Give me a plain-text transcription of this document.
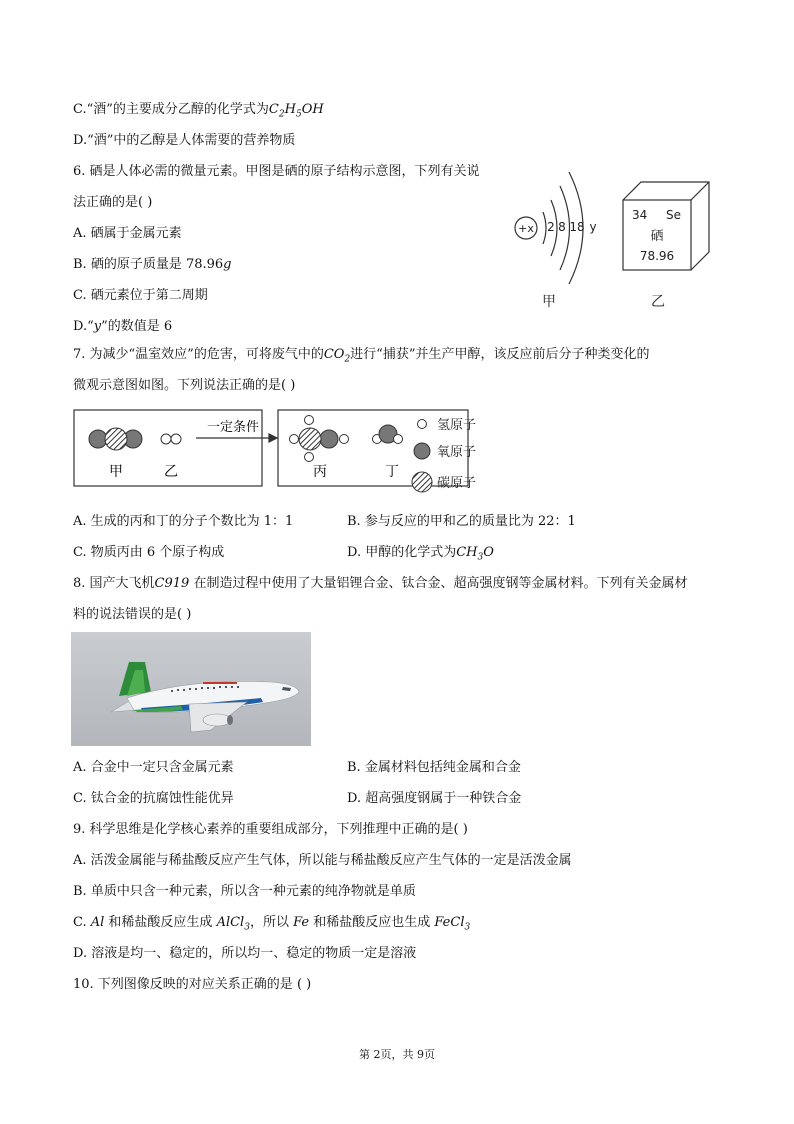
C.“酒”的主要成分乙醇的化学式为$C_2H_5OH$
D.“酒”中的乙醇是人体需要的营养物质
6. 硒是人体必需的微量元素。甲图是硒的原子结构示意图，下列有关说
法正确的是( )
A. 硒属于金属元素
B. 硒的原子质量是 78.96g
C. 硒元素位于第二周期
D.“y”的数值是 6
+x 2 8 18 y
甲
34 Se
硒
78.96
乙
7. 为减少“温室效应”的危害，可将废气中的$CO_2$进行“捕获”并生产甲醇，该反应前后分子种类变化的
微观示意图如图。下列说法正确的是( )
甲	乙
一定条件
丙	丁
氢原子
氧原子
碳原子
A. 生成的丙和丁的分子个数比为 1：1	B. 参与反应的甲和乙的质量比为 22：1
C. 物质丙由 6 个原子构成	D. 甲醇的化学式为$CH_3O$
8. 国产大飞机C919 在制造过程中使用了大量铝锂合金、钛合金、超高强度钢等金属材料。下列有关金属材
料的说法错误的是( )
A. 合金中一定只含金属元素	B. 金属材料包括纯金属和合金
C. 钛合金的抗腐蚀性能优异	D. 超高强度钢属于一种铁合金
9. 科学思维是化学核心素养的重要组成部分，下列推理中正确的是( )
A. 活泼金属能与稀盐酸反应产生气体，所以能与稀盐酸反应产生气体的一定是活泼金属
B. 单质中只含一种元素，所以含一种元素的纯净物就是单质
C. Al 和稀盐酸反应生成 AlCl$_3$，所以 Fe 和稀盐酸反应也生成 FeCl$_3$
D. 溶液是均一、稳定的，所以均一、稳定的物质一定是溶液
10. 下列图像反映的对应关系正确的是 ( )
第 2页，共 9页
